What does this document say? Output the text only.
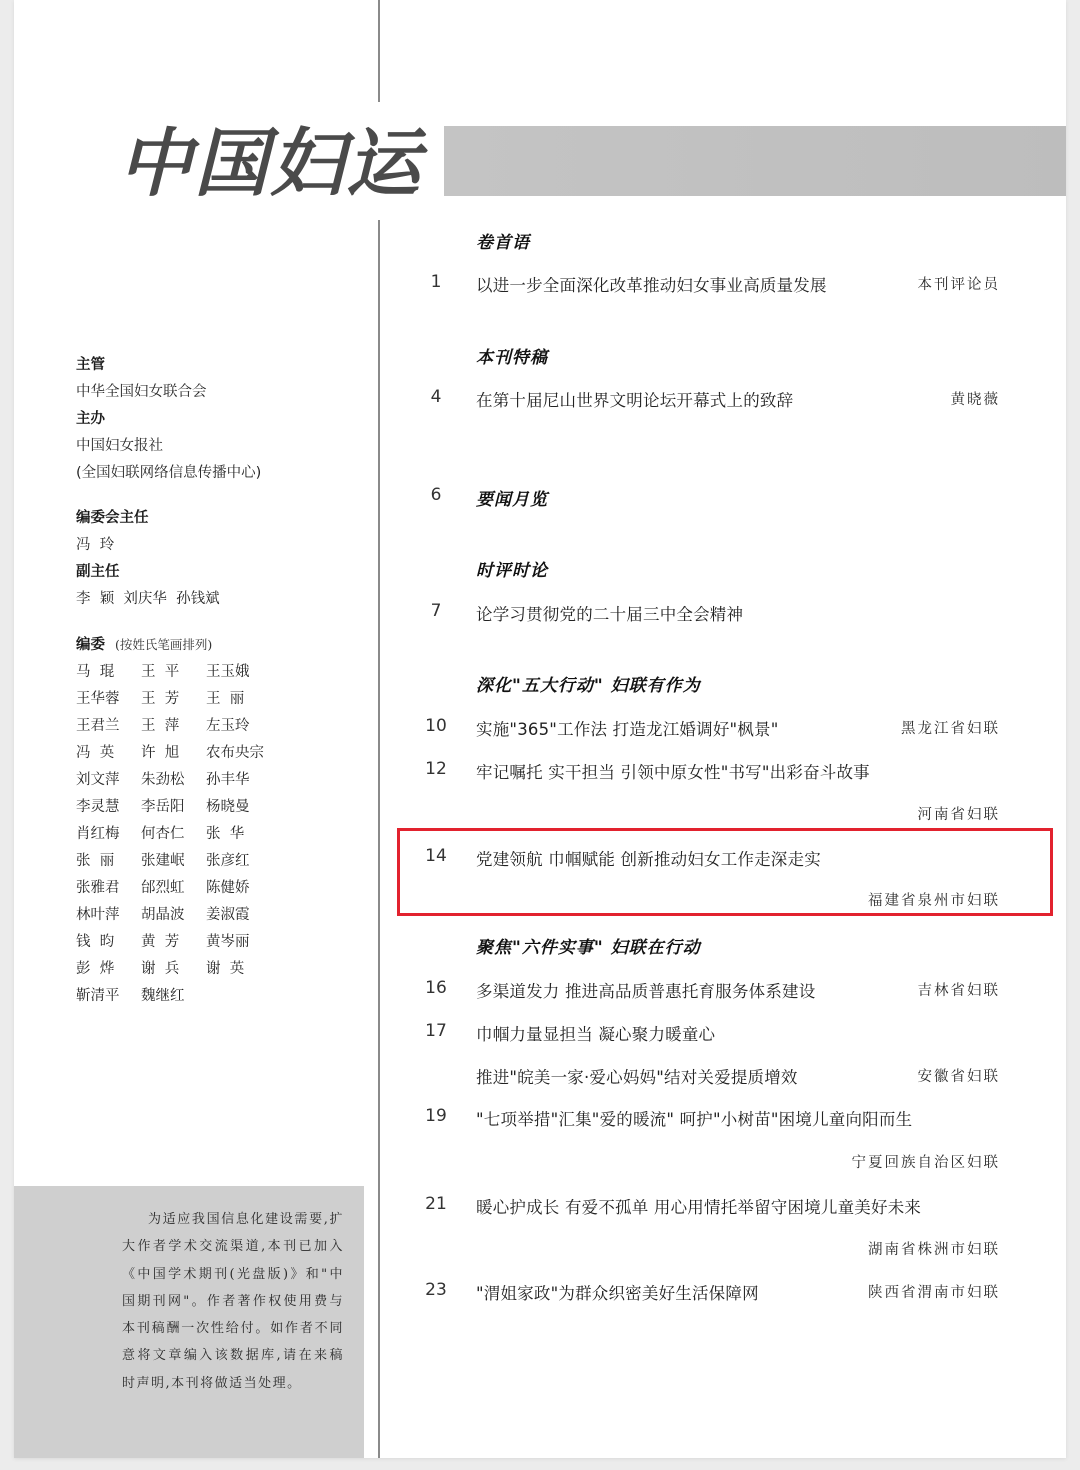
中国妇运
主管
中华全国妇女联合会
主办
中国妇女报社
(全国妇联网络信息传播中心)
编委会主任
冯  玲
副主任
李  颖  刘庆华  孙钱斌
编委 (按姓氏笔画排列)
马  琨	王  平	王玉娥
王华蓉	王  芳	王  丽
王君兰	王  萍	左玉玲
冯  英	许  旭	农布央宗
刘文萍	朱劲松	孙丰华
李灵慧	李岳阳	杨晓曼
肖红梅	何杏仁	张  华
张  丽	张建岷	张彦红
张雅君	邰烈虹	陈健娇
林叶萍	胡晶波	姜淑霞
钱  昀	黄  芳	黄岑丽
彭  烨	谢  兵	谢  英
靳清平	魏继红
为适应我国信息化建设需要,扩大作者学术交流渠道,本刊已加入《中国学术期刊(光盘版)》和"中国期刊网"。作者著作权使用费与本刊稿酬一次性给付。如作者不同意将文章编入该数据库,请在来稿时声明,本刊将做适当处理。
卷首语
1	以进一步全面深化改革推动妇女事业高质量发展	本刊评论员
本刊特稿
4	在第十届尼山世界文明论坛开幕式上的致辞	黄晓薇
6	要闻月览
时评时论
7	论学习贯彻党的二十届三中全会精神
深化"五大行动" 妇联有作为
10	实施"365"工作法 打造龙江婚调好"枫景"	黑龙江省妇联
12	牢记嘱托 实干担当 引领中原女性"书写"出彩奋斗故事
河南省妇联
14	党建领航 巾帼赋能 创新推动妇女工作走深走实
福建省泉州市妇联
聚焦"六件实事" 妇联在行动
16	多渠道发力 推进高品质普惠托育服务体系建设	吉林省妇联
17	巾帼力量显担当 凝心聚力暖童心
推进"皖美一家·爱心妈妈"结对关爱提质增效	安徽省妇联
19	"七项举措"汇集"爱的暖流" 呵护"小树苗"困境儿童向阳而生
宁夏回族自治区妇联
21	暖心护成长 有爱不孤单 用心用情托举留守困境儿童美好未来
湖南省株洲市妇联
23	"渭姐家政"为群众织密美好生活保障网	陕西省渭南市妇联
